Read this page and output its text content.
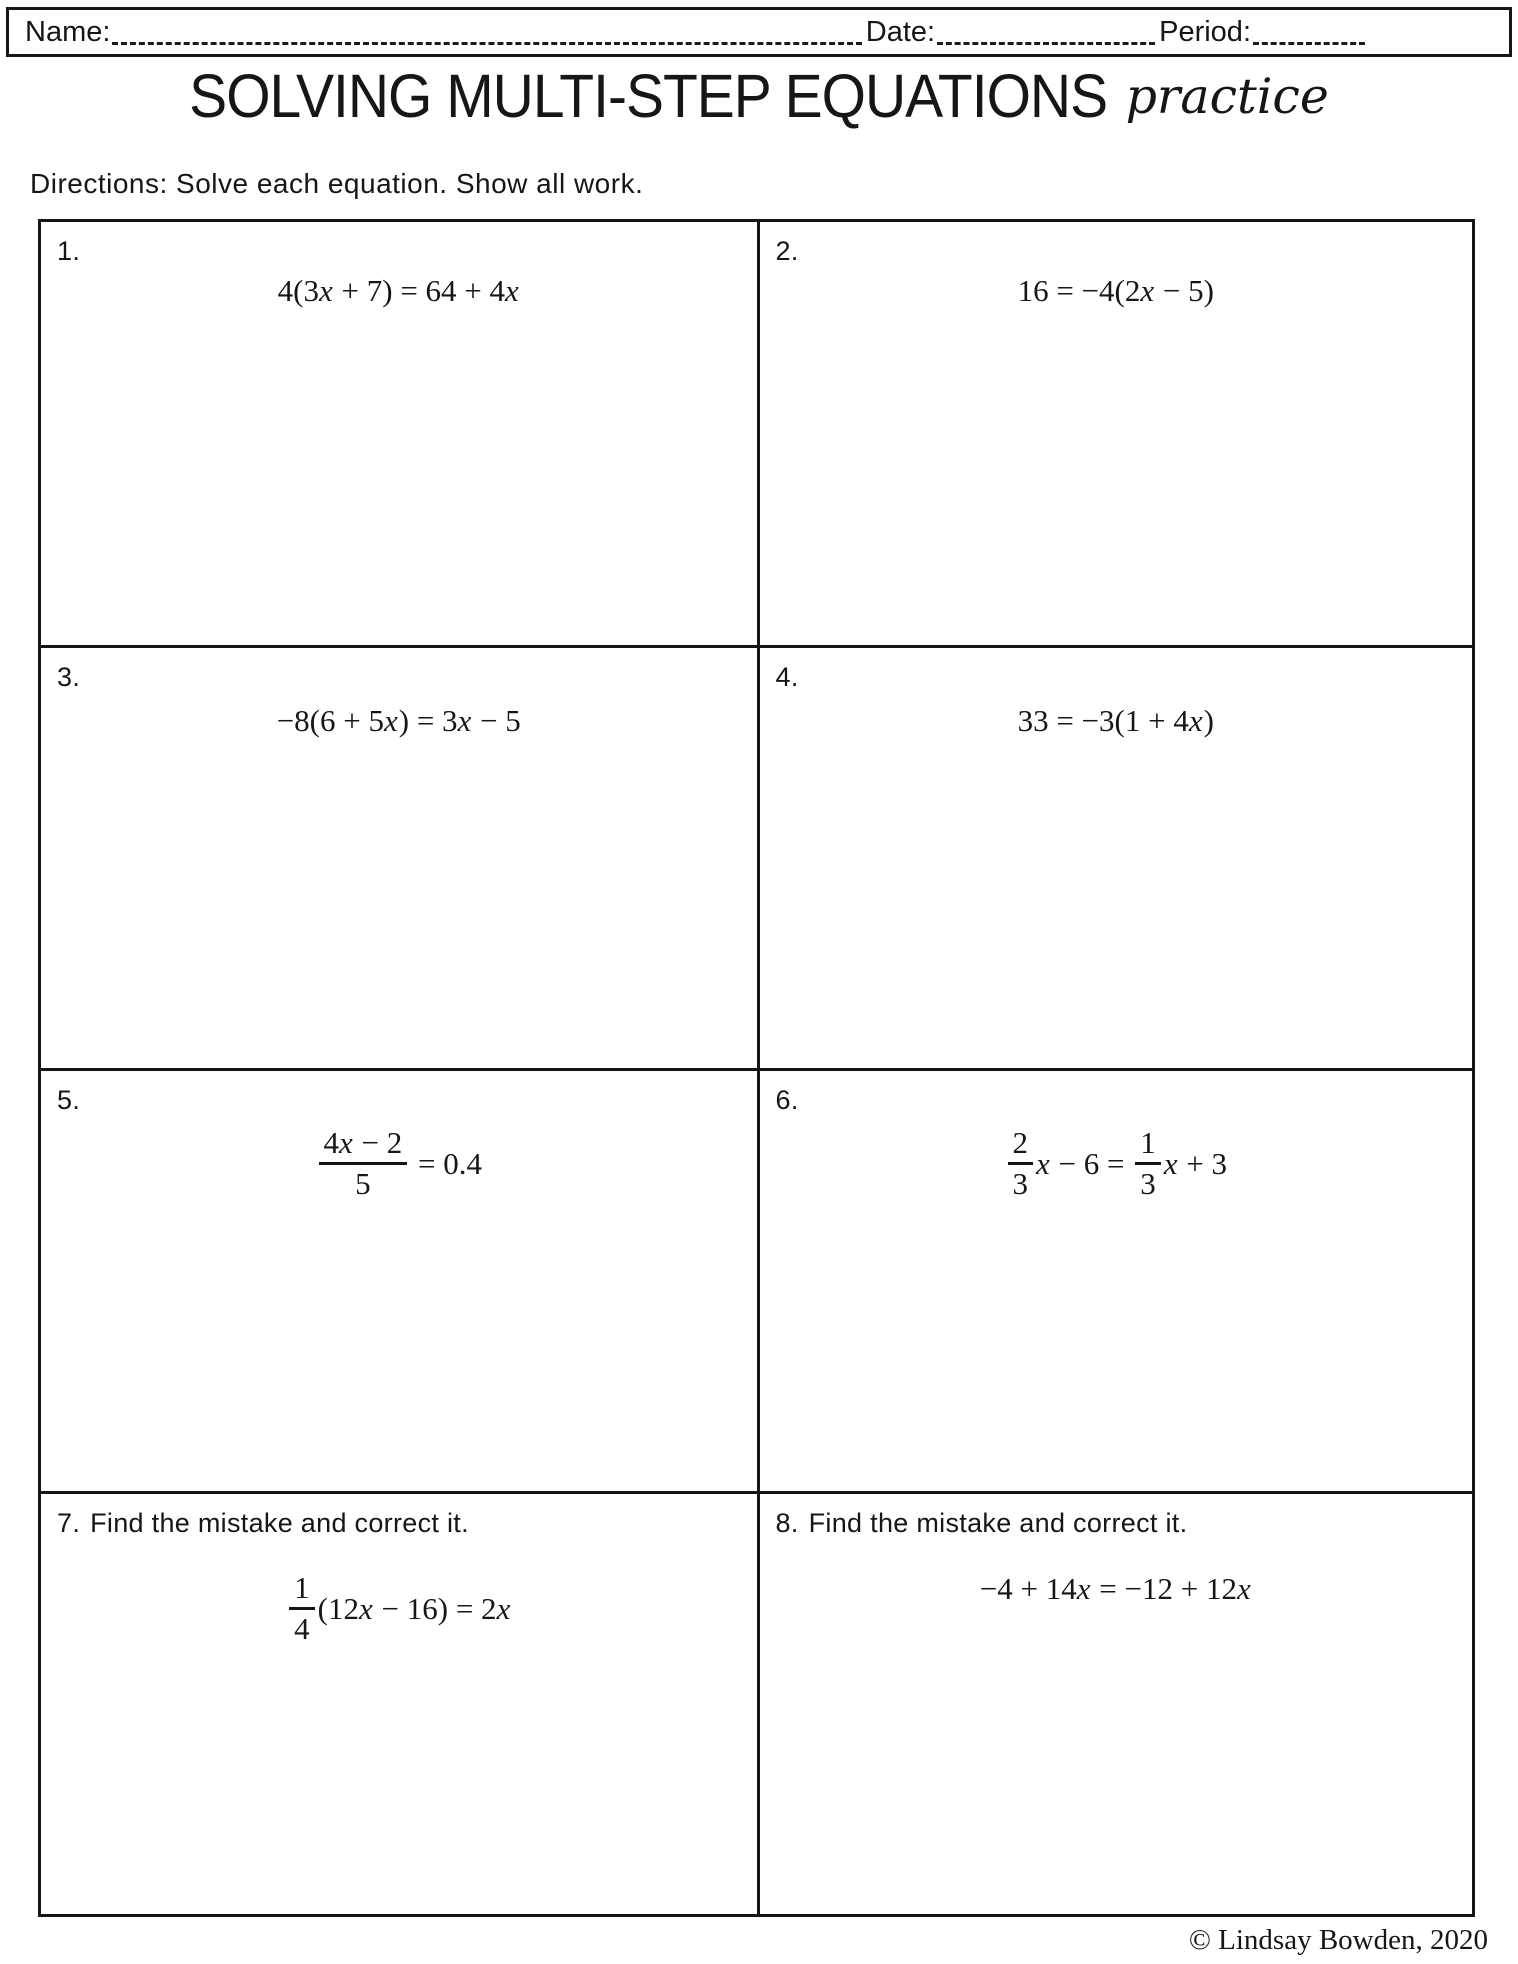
Name:	Date:	Period:
SOLVING MULTI-STEP EQUATIONS practice
Directions: Solve each equation. Show all work.
1.
4(3 x + 7) = 64 + 4 x
2.
16 = −4(2 x − 5)
3.
−8(6 + 5 x ) = 3 x − 5
4.
33 = −3(1 + 4 x )
5.
$\frac{4x - 2}{5} = 0.4$
6.
$\frac{2}{3}$ $x - 6 = \frac{1}{3}$ x + 3
7. Find the mistake and correct it.
$\frac{1}{4} (12$ x − 16) = 2 x
8. Find the mistake and correct it.
−4 + 14 x = −12 + 12 x
© Lindsay Bowden, 2020
